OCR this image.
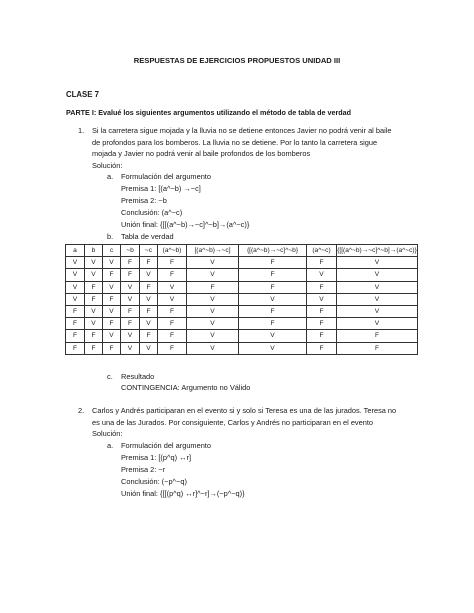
RESPUESTAS DE EJERCICIOS PROPUESTOS UNIDAD III
CLASE 7
PARTE I: Evalué los siguientes argumentos utilizando el método de tabla de verdad
1. Si la carretera sigue mojada y la lluvia no se detiene entonces Javier no podrá venir al baile
de profondos para los bomberos. La lluvia no se detiene. Por lo tanto la carretera sigue
mojada y Javier no podrá venir al baile profondos de los bomberos
Solución:
a. Formulación del argumento
Premisa 1: [(a^~b) →~c]
Premisa 2: ~b
Conclusión: (a^~c)
Unión final: {[[(a^~b)→~c]^~b]→(a^~c)}
b. Tabla de verdad
a	b	c	~b	~c	(a^~b)	[(a^~b)→~c]	{[(a^~b)→~c]^~b}	(a^~c)	{[[(a^~b)→~c]^~b]→(a^~c)}
V	V	V	F	F	F	V	F	F	V
V	V	F	F	V	F	V	F	V	V
V	F	V	V	F	V	F	F	F	V
V	F	F	V	V	V	V	V	V	V
F	V	V	F	F	F	V	F	F	V
F	V	F	F	V	F	V	F	F	V
F	F	V	V	F	F	V	V	F	F
F	F	F	V	V	F	V	V	F	F
c. Resultado
CONTINGENCIA: Argumento no Válido
2. Carlos y Andrés participaran en el evento si y solo si Teresa es una de las jurados. Teresa no
es una de las Jurados. Por consiguiente, Carlos y Andrés no participaran en el evento
Solución:
a. Formulación del argumento
Premisa 1: [(p^q) ↔r]
Premisa 2: ~r
Conclusión: (~p^~q)
Unión final: {[[(p^q) ↔r]^~r]→(~p^~q)}
